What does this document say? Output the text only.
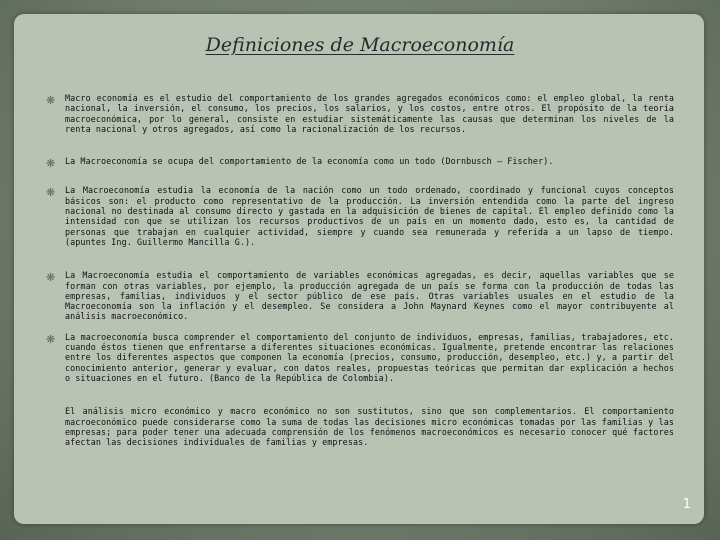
Definiciones de Macroeconomía
❋ Macro economía es el estudio del comportamiento de los grandes agregados económicos como: el empleo global, la renta nacional, la inversión, el consumo, los precios, los salarios, y los costos, entre otros. El propósito de la teoría macroeconómica, por lo general, consiste en estudiar sistemáticamente las causas que determinan los niveles de la renta nacional y otros agregados, así como la racionalización de los recursos.
❋ La Macroeconomía se ocupa del comportamiento de la economía como un todo (Dornbusch – Fischer).
❋ La Macroeconomía estudia la economía de la nación como un todo ordenado, coordinado y funcional cuyos conceptos básicos son: el producto como representativo de la producción. La inversión entendida como la parte del ingreso nacional no destinada al consumo directo y gastada en la adquisición de bienes de capital. El empleo definido como la intensidad con que se utilizan los recursos productivos de un país en un momento dado, esto es, la cantidad de personas que trabajan en cualquier actividad, siempre y cuando sea remunerada y referida a un lapso de tiempo. (apuntes Ing. Guillermo Mancilla G.).
❋ La Macroeconomía estudia el comportamiento de variables económicas agregadas, es decir, aquellas variables que se forman con otras variables, por ejemplo, la producción agregada de un país se forma con la producción de todas las empresas, familias, individuos y el sector público de ese país. Otras variables usuales en el estudio de la Macroeconomía son la inflación y el desempleo. Se considera a John Maynard Keynes como el mayor contribuyente al análisis macroeconómico.
❋ La macroeconomía busca comprender el comportamiento del conjunto de individuos, empresas, familias, trabajadores, etc. cuando éstos tienen que enfrentarse a diferentes situaciones económicas. Igualmente, pretende encontrar las relaciones entre los diferentes aspectos que componen la economía (precios, consumo, producción, desempleo, etc.) y, a partir del conocimiento anterior, generar y evaluar, con datos reales, propuestas teóricas que permitan dar explicación a hechos o situaciones en el futuro. (Banco de la República de Colombia).
El análisis micro económico y macro económico no son sustitutos, sino que son complementarios. El comportamiento macroeconómico puede considerarse como la suma de todas las decisiones micro económicas tomadas por las familias y las empresas; para poder tener una adecuada comprensión de los fenómenos macroeconómicos es necesario conocer qué factores afectan las decisiones individuales de familias y empresas.
1
